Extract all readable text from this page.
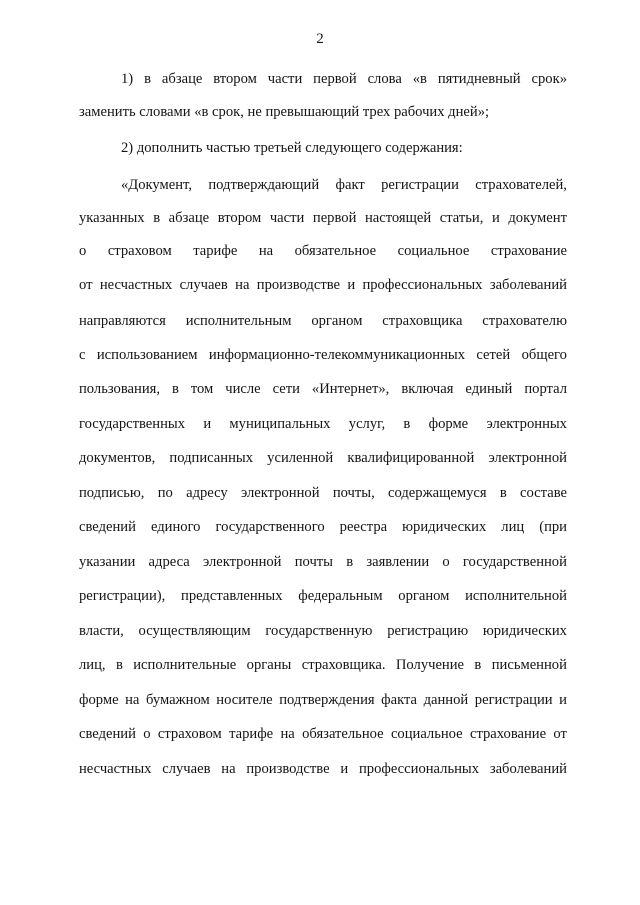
2
1) в абзаце втором части первой слова «в пятидневный срок»
заменить словами «в срок, не превышающий трех рабочих дней»;
2) дополнить частью третьей следующего содержания:
«Документ, подтверждающий факт регистрации страхователей,
указанных в абзаце втором части первой настоящей статьи, и документ
о страховом тарифе на обязательное социальное страхование
от несчастных случаев на производстве и профессиональных заболеваний
направляются исполнительным органом страховщика страхователю
с использованием информационно-телекоммуникационных сетей общего
пользования, в том числе сети «Интернет», включая единый портал
государственных и муниципальных услуг, в форме электронных
документов, подписанных усиленной квалифицированной электронной
подписью, по адресу электронной почты, содержащемуся в составе
сведений единого государственного реестра юридических лиц (при
указании адреса электронной почты в заявлении о государственной
регистрации), представленных федеральным органом исполнительной
власти, осуществляющим государственную регистрацию юридических
лиц, в исполнительные органы страховщика. Получение в письменной
форме на бумажном носителе подтверждения факта данной регистрации и
сведений о страховом тарифе на обязательное социальное страхование от
несчастных случаев на производстве и профессиональных заболеваний
